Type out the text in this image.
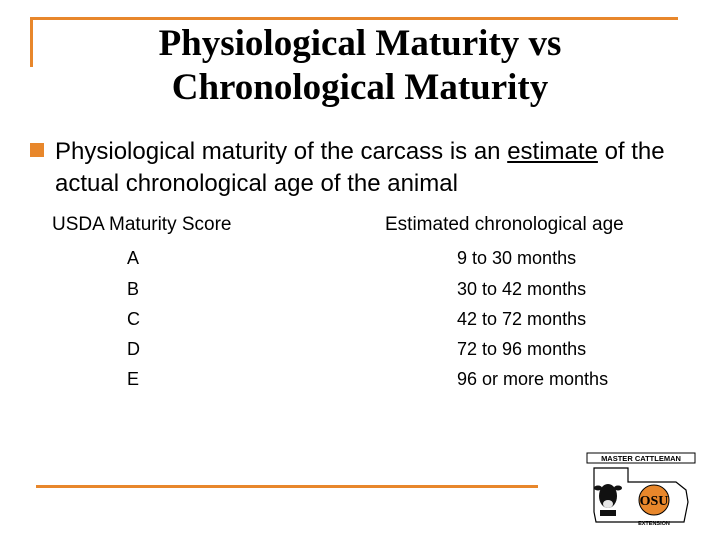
Physiological Maturity vs
Chronological Maturity
Physiological maturity of the carcass is an estimate of the actual chronological age of the animal
USDA Maturity Score	Estimated chronological age
A	9 to 30 months
B	30 to 42 months
C	42 to 72 months
D	72 to 96 months
E	96 or more months
MASTER CATTLEMAN
OSU
EXTENSION
